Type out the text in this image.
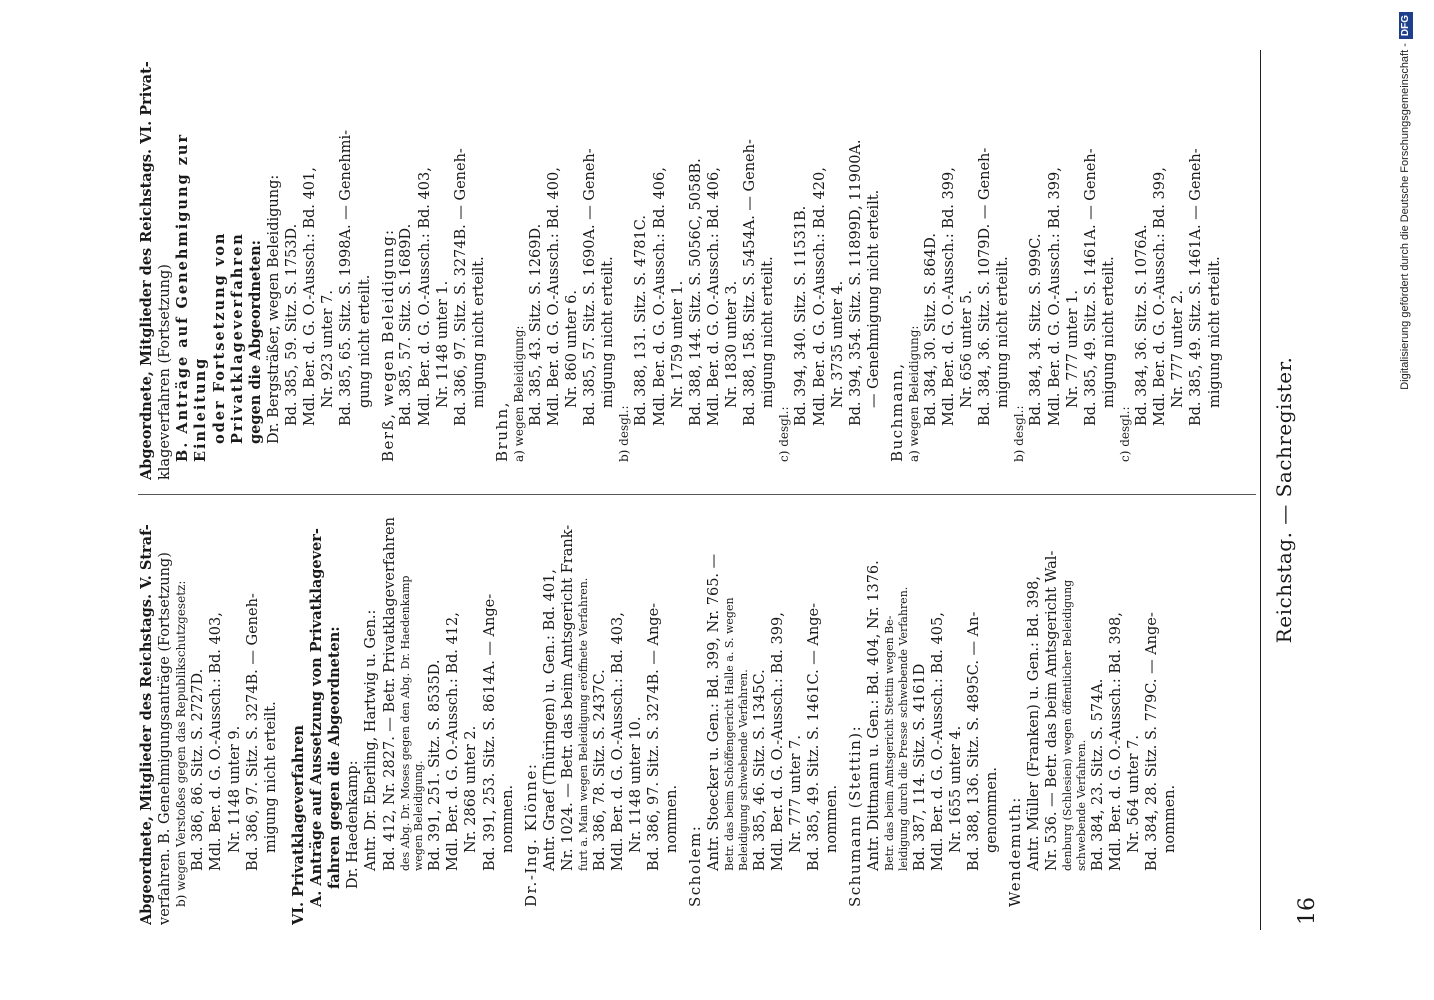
16
Reichstag. — Sachregister.

Abgeordnete, Mitglieder des Reichstags. V. Straf- verfahren. B. Genehmigungsanträge (Fortsetzung) b) wegen Verstoßes gegen das Republikschutzgesetz: Bd. 386, 86. Sitz. S. 2727D. Mdl. Ber. d. G. O.-Aussch.: Bd. 403, Nr. 1148 unter 9. Bd. 386, 97. Sitz. S. 3274B. — Geneh- migung nicht erteilt. VI. Privatklageverfahren A. Anträge auf Aussetzung von Privatklagever- fahren gegen die Abgeordneten: Dr. Haedenkamp: Antr. Dr. Eberling, Hartwig u. Gen.: Bd. 412, Nr. 2827. — Betr. Privatklageverfahren des Abg. Dr. Moses gegen den Abg. Dr. Haedenkamp wegen Beleidigung. Bd. 391, 251. Sitz. S. 8535D. Mdl. Ber. d. G. O.-Aussch.: Bd. 412, Nr. 2868 unter 2. Bd. 391, 253. Sitz. S. 8614A. — Ange- nommen. Dr.-Ing. Klönne: Antr. Graef (Thüringen) u. Gen.: Bd. 401, Nr. 1024. — Betr. das beim Amtsgericht Frank- furt a. Main wegen Beleidigung eröffnete Verfahren. Bd. 386, 78. Sitz. S. 2437C. Mdl. Ber. d. G. O.-Aussch.: Bd. 403, Nr. 1148 unter 10. Bd. 386, 97. Sitz. S. 3274B. — Ange- nommen.

Scholem: Antr. Stoecker u. Gen.: Bd. 399, Nr. 765. — Betr. das beim Schöffengericht Halle a. S. wegen Beleidigung schwebende Verfahren. Bd. 385, 46. Sitz. S. 1345C. Mdl. Ber. d. G. O.-Aussch.: Bd. 399, Nr. 777 unter 7. Bd. 385, 49. Sitz. S. 1461C. — Ange- nommen. Schumann (Stettin): Antr. Dittmann u. Gen.: Bd. 404, Nr. 1376. Betr. das beim Amtsgericht Stettin wegen Be- leidigung durch die Presse schwebende Verfahren. Bd. 387, 114. Sitz. S. 4161D Mdl. Ber. d. G. O.-Aussch.: Bd. 405, Nr. 1655 unter 4. Bd. 388, 136. Sitz. S. 4895C. — An- genommen. Wendemuth: Antr. Müller (Franken) u. Gen.: Bd. 398, Nr. 536. — Betr. das beim Amtsgericht Wal- denburg (Schlesien) wegen öffentlicher Beleidigung schwebende Verfahren. Bd. 384, 23. Sitz. S. 574A. Mdl. Ber. d. G. O.-Aussch.: Bd. 398, Nr. 564 unter 7. Bd. 384, 28. Sitz. S. 779C. — Ange- nommen.

Abgeordnete, Mitglieder des Reichstags. VI. Privat- klageverfahren (Fortsetzung) B. Anträge auf Genehmigung zur Einleitung oder Fortsetzung von Privatklageverfahren gegen die Abgeordneten: Dr. Bergsträßer, wegen Beleidigung: Bd. 385, 59. Sitz. S. 1753D. Mdl. Ber. d. G. O.-Aussch.: Bd. 401, Nr. 923 unter 7. Bd. 385, 65. Sitz. S. 1998A. — Genehmi- gung nicht erteilt. Berß, wegen Beleidigung: Bd. 385, 57. Sitz. S. 1689D. Mdl. Ber. d. G. O.-Aussch.: Bd. 403, Nr. 1148 unter 1. Bd. 386, 97. Sitz. S. 3274B. — Geneh- migung nicht erteilt.

Bruhn, a) wegen Beleidigung: Bd. 385, 43. Sitz. S. 1269D. Mdl. Ber. d. G. O.-Aussch.: Bd. 400, Nr. 860 unter 6. Bd. 385, 57. Sitz. S. 1690A. — Geneh- migung nicht erteilt.

b) desgl.:

Bd. 388, 131. Sitz. S. 4781C. Mdl. Ber. d. G. O.-Aussch.: Bd. 406, Nr. 1759 unter 1. Bd. 388, 144. Sitz. S. 5056C, 5058B. Mdl. Ber. d. G. O.-Aussch.: Bd. 406, Nr. 1830 unter 3. Bd. 388, 158. Sitz. S. 5454A. — Geneh- migung nicht erteilt.

c) desgl.:

Bd. 394, 340. Sitz. S. 11531B. Mdl. Ber. d. G. O.-Aussch.: Bd. 420, Nr. 3735 unter 4. Bd. 394, 354. Sitz. S. 11899D, 11900A. — Genehmigung nicht erteilt.

Buchmann, a) wegen Beleidigung: Bd. 384, 30. Sitz. S. 864D. Mdl. Ber. d. G. O.-Aussch.: Bd. 399, Nr. 656 unter 5. Bd. 384, 36. Sitz. S. 1079D. — Geneh- migung nicht erteilt.

b) desgl.:

Bd. 384, 34. Sitz. S. 999C. Mdl. Ber. d. G. O.-Aussch.: Bd. 399, Nr. 777 unter 1. Bd. 385, 49. Sitz. S. 1461A. — Geneh- migung nicht erteilt.

c) desgl.:

Bd. 384, 36. Sitz. S. 1076A. Mdl. Ber. d. G. O.-Aussch.: Bd. 399, Nr. 777 unter 2. Bd. 385, 49. Sitz. S. 1461A. — Geneh- migung nicht erteilt.	Digitalisierung gefördert durch die Deutsche Forschungsgemeinschaft -DFG
